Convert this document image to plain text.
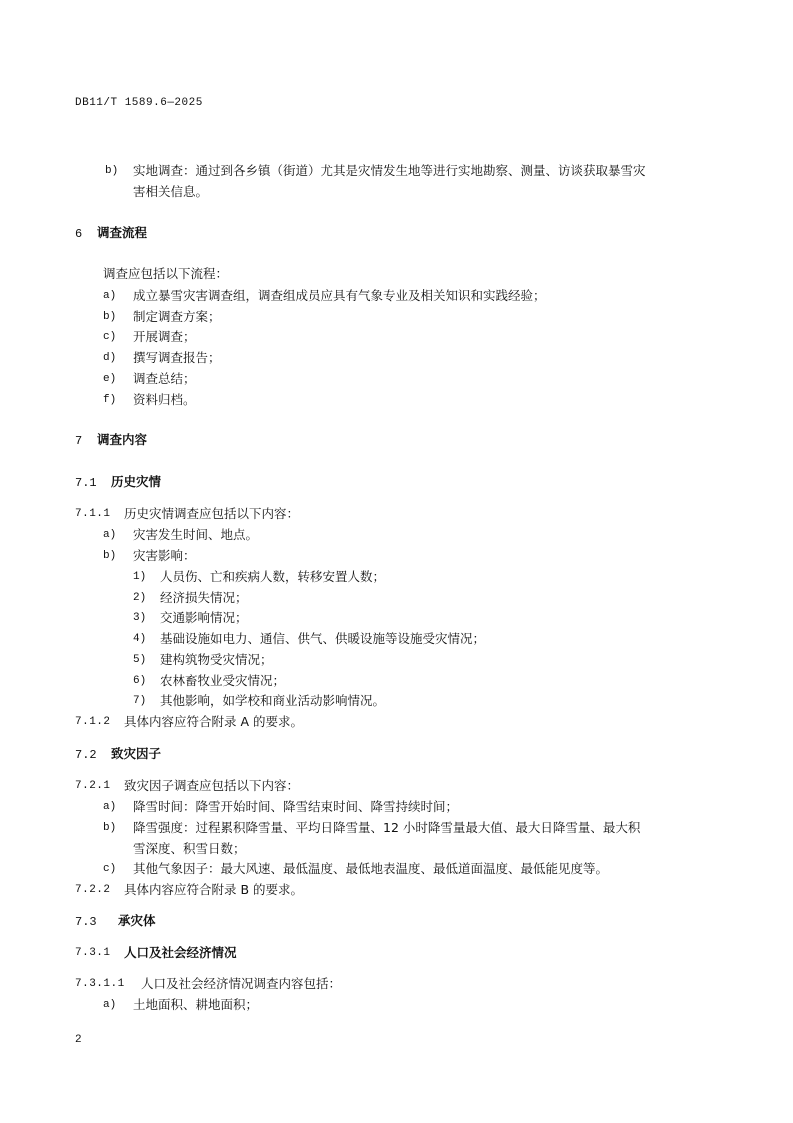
DB11/T 1589.6—2025
b) 实地调查：通过到各乡镇（街道）尤其是灾情发生地等进行实地勘察、测量、访谈获取暴雪灾
害相关信息。
6 调查流程
调查应包括以下流程：
a) 成立暴雪灾害调查组，调查组成员应具有气象专业及相关知识和实践经验；
b) 制定调查方案；
c) 开展调查；
d) 撰写调查报告；
e) 调查总结；
f) 资料归档。
7 调查内容
7.1 历史灾情
7.1.1 历史灾情调查应包括以下内容：
a) 灾害发生时间、地点。
b) 灾害影响：
1) 人员伤、亡和疾病人数，转移安置人数；
2) 经济损失情况；
3) 交通影响情况；
4) 基础设施如电力、通信、供气、供暖设施等设施受灾情况；
5) 建构筑物受灾情况；
6) 农林畜牧业受灾情况；
7) 其他影响，如学校和商业活动影响情况。
7.1.2 具体内容应符合附录 A 的要求。
7.2 致灾因子
7.2.1 致灾因子调查应包括以下内容：
a) 降雪时间：降雪开始时间、降雪结束时间、降雪持续时间；
b) 降雪强度：过程累积降雪量、平均日降雪量、12 小时降雪量最大值、最大日降雪量、最大积
雪深度、积雪日数；
c) 其他气象因子：最大风速、最低温度、最低地表温度、最低道面温度、最低能见度等。
7.2.2 具体内容应符合附录 B 的要求。
7.3 承灾体
7.3.1 人口及社会经济情况
7.3.1.1 人口及社会经济情况调查内容包括：
a) 土地面积、耕地面积；
2
